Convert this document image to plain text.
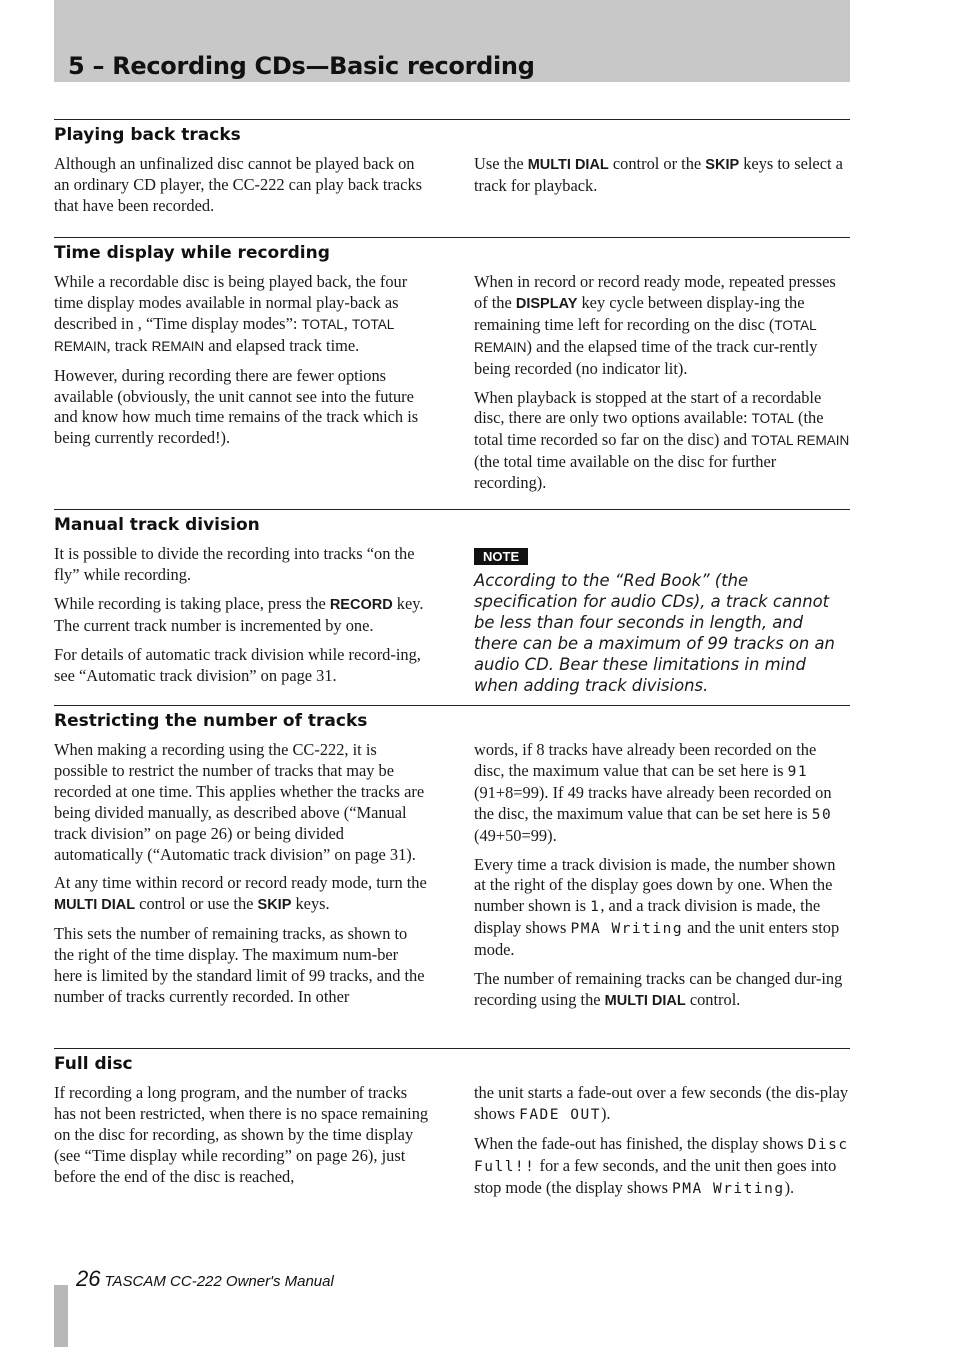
5 – Recording CDs—Basic recording
Playing back tracks

Although an unfinalized disc cannot be played back on an ordinary CD player, the CC-222 can play back tracks that have been recorded.

Use the MULTI DIAL control or the SKIP keys to select a track for playback.

Time display while recording

While a recordable disc is being played back, the four time display modes available in normal play-back as described in , “Time display modes”: TOTAL, TOTAL REMAIN, track REMAIN and elapsed track time.

However, during recording there are fewer options available (obviously, the unit cannot see into the future and know how much time remains of the track which is being currently recorded!).

When in record or record ready mode, repeated presses of the DISPLAY key cycle between display-ing the remaining time left for recording on the disc (TOTAL REMAIN) and the elapsed time of the track cur-rently being recorded (no indicator lit).

When playback is stopped at the start of a recordable disc, there are only two options available: TOTAL (the total time recorded so far on the disc) and TOTAL REMAIN (the total time available on the disc for further recording).

Manual track division

It is possible to divide the recording into tracks “on the fly” while recording.

While recording is taking place, press the RECORD key. The current track number is incremented by one.

For details of automatic track division while record-ing, see “Automatic track division” on page 31.

NOTE

According to the “Red Book” (the specification for audio CDs), a track cannot be less than four seconds in length, and there can be a maximum of 99 tracks on an audio CD. Bear these limitations in mind when adding track divisions.

Restricting the number of tracks

When making a recording using the CC-222, it is possible to restrict the number of tracks that may be recorded at one time. This applies whether the tracks are being divided manually, as described above (“Manual track division” on page 26) or being divided automatically (“Automatic track division” on page 31).

At any time within record or record ready mode, turn the MULTI DIAL control or use the SKIP keys.

This sets the number of remaining tracks, as shown to the right of the time display. The maximum num-ber here is limited by the standard limit of 99 tracks, and the number of tracks currently recorded. In other

words, if 8 tracks have already been recorded on the disc, the maximum value that can be set here is 91 (91+8=99). If 49 tracks have already been recorded on the disc, the maximum value that can be set here is 50 (49+50=99).

Every time a track division is made, the number shown at the right of the display goes down by one. When the number shown is 1, and a track division is made, the display shows PMA Writing and the unit enters stop mode.

The number of remaining tracks can be changed dur-ing recording using the MULTI DIAL control.

Full disc

If recording a long program, and the number of tracks has not been restricted, when there is no space remaining on the disc for recording, as shown by the time display (see “Time display while recording” on page 26), just before the end of the disc is reached,

the unit starts a fade-out over a few seconds (the dis-play shows FADE OUT).

When the fade-out has finished, the display shows Disc Full!! for a few seconds, and the unit then goes into stop mode (the display shows PMA Writing).

26 TASCAM CC-222 Owner's Manual
